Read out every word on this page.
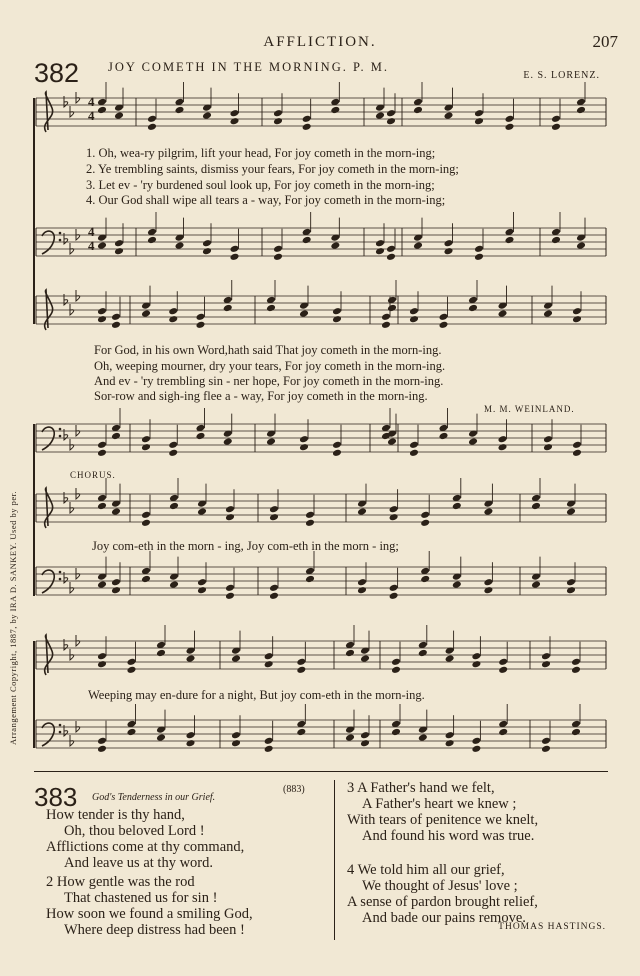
AFFLICTION.	207
382 JOY COMETH IN THE MORNING. P. M.
E. S. LORENZ.
Arrangement Copyright, 1887, by IRA D. SANKEY. Used by per.
4
4
4
4
1. Oh, wea-ry pilgrim, lift your head, For joy cometh in the morn-ing;
2. Ye trembling saints, dismiss your fears, For joy cometh in the morn-ing;
3. Let ev - 'ry burdened soul look up, For joy cometh in the morn-ing;
4. Our God shall wipe all tears a - way, For joy cometh in the morn-ing;
For God, in his own Word,hath said That joy cometh in the morn-ing.
Oh, weeping mourner, dry your tears, For joy cometh in the morn-ing.
And ev - 'ry trembling sin - ner hope, For joy cometh in the morn-ing.
Sor-row and sigh-ing flee a - way, For joy cometh in the morn-ing.
M. M. WEINLAND.
CHORUS.
Joy com-eth in the morn - ing, Joy com-eth in the morn - ing;
Weeping may en-dure for a night, But joy com-eth in the morn-ing.
383 God's Tenderness in our Grief.
(883)
How tender is thy hand,
Oh, thou beloved Lord !
Afflictions come at thy command,
And leave us at thy word.
2 How gentle was the rod
That chastened us for sin !
How soon we found a smiling God,
Where deep distress had been !
3 A Father's hand we felt,
A Father's heart we knew ;
With tears of penitence we knelt,
And found his word was true.
4 We told him all our grief,
We thought of Jesus' love ;
A sense of pardon brought relief,
And bade our pains remove.
THOMAS HASTINGS.
